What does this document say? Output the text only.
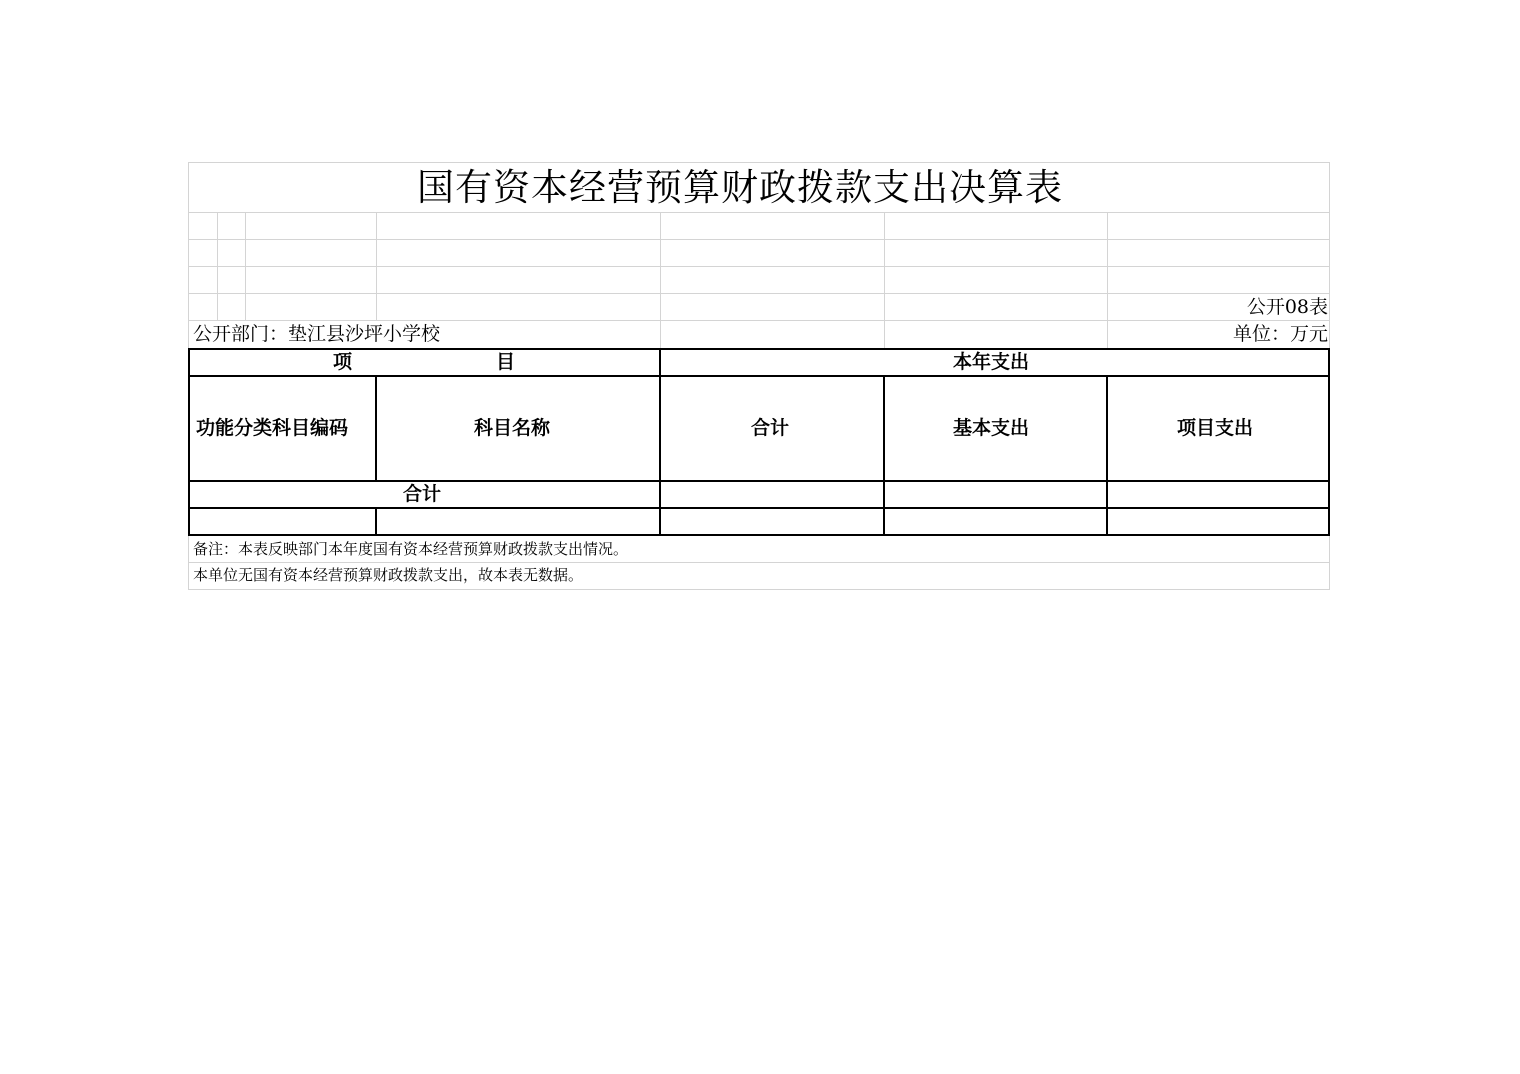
国有资本经营预算财政拨款支出决算表
公开08表
公开部门：垫江县沙坪小学校	单位：万元
项	目	本年支出
功能分类科目编码	科目名称	合计	基本支出	项目支出
合计
备注：本表反映部门本年度国有资本经营预算财政拨款支出情况。
本单位无国有资本经营预算财政拨款支出，故本表无数据。
